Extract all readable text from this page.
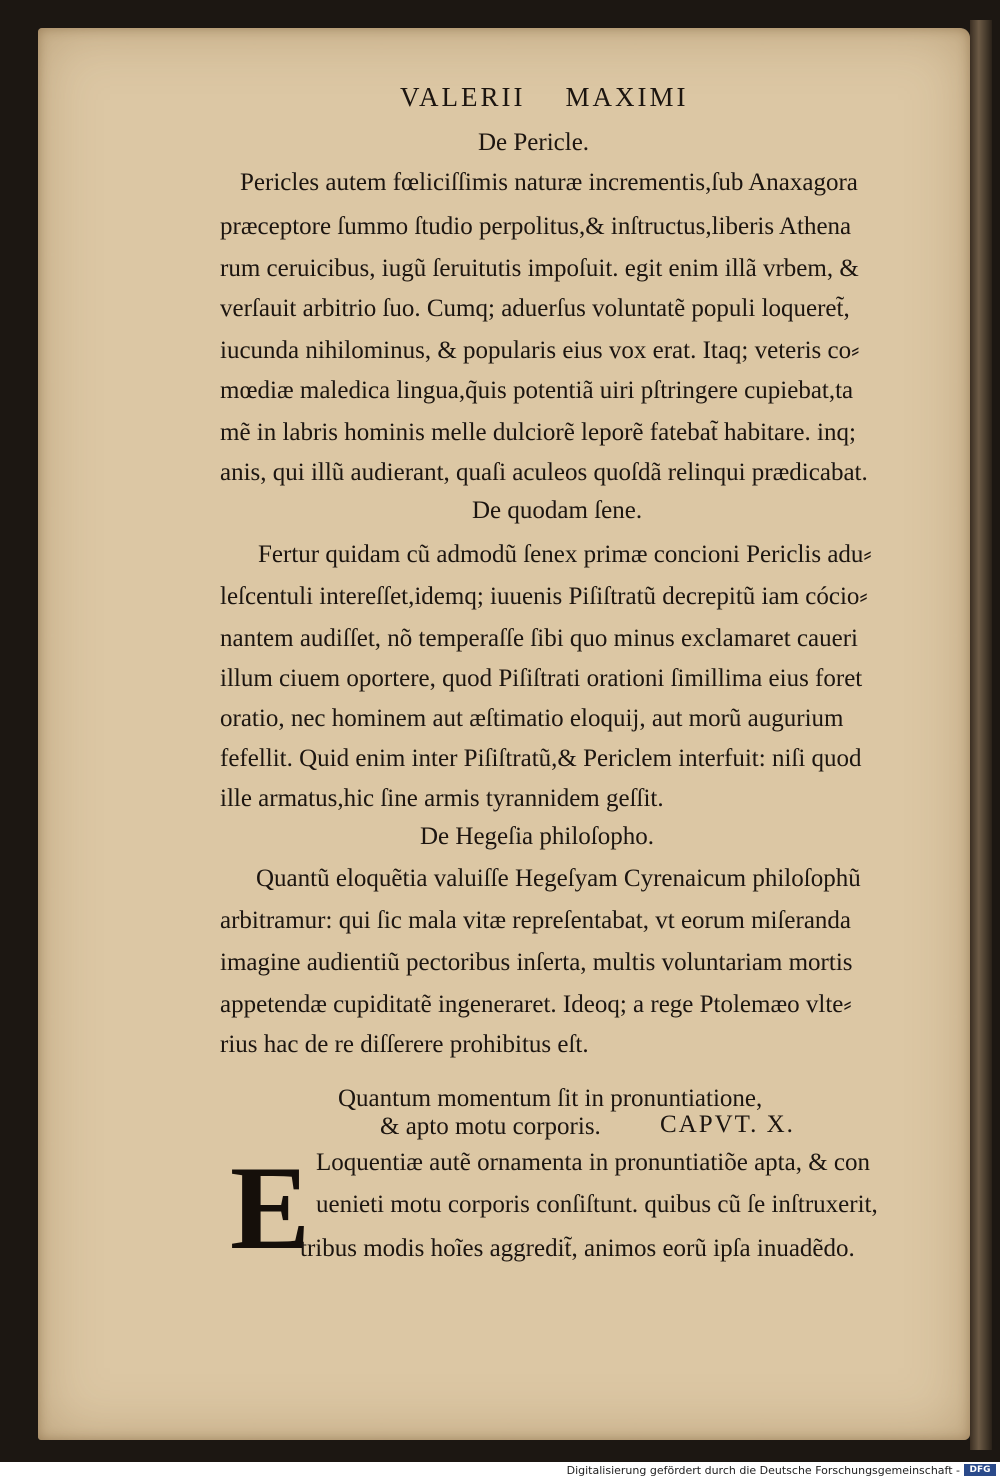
VALERII MAXIMI
De Pericle.
Pericles autem fœliciſſimis naturæ incrementis,ſub Anaxagora
præceptore ſummo ſtudio perpolitus,& inſtructus,liberis Athena
rum ceruicibus, iugũ ſeruitutis impoſuit. egit enim illã vrbem, &
verſauit arbitrio ſuo. Cumq; aduerſus voluntatẽ populi loqueret̃,
iucunda nihilominus, & popularis eius vox erat. Itaq; veteris co⸗
mœdiæ maledica lingua,q̃uis potentiã uiri pſtringere cupiebat,ta
mẽ in labris hominis melle dulciorẽ leporẽ fatebat̃ habitare. inq;
anis, qui illũ audierant, quaſi aculeos quoſdã relinqui prædicabat.
De quodam ſene.
Fertur quidam cũ admodũ ſenex primæ concioni Periclis adu⸗
leſcentuli intereſſet,idemq; iuuenis Piſiſtratũ decrepitũ iam cócio⸗
nantem audiſſet, nõ temperaſſe ſibi quo minus exclamaret caueri
illum ciuem oportere, quod Piſiſtrati orationi ſimillima eius foret
oratio, nec hominem aut æſtimatio eloquij, aut morũ augurium
fefellit. Quid enim inter Piſiſtratũ,& Periclem interfuit: niſi quod
ille armatus,hic ſine armis tyrannidem geſſit.
De Hegeſia philoſopho.
Quantũ eloquẽtia valuiſſe Hegeſyam Cyrenaicum philoſophũ
arbitramur: qui ſic mala vitæ repreſentabat, vt eorum miſeranda
imagine audientiũ pectoribus inſerta, multis voluntariam mortis
appetendæ cupiditatẽ ingeneraret. Ideoq; a rege Ptolemæo vlte⸗
rius hac de re diſſerere prohibitus eſt.
Quantum momentum ſit in pronuntiatione,
& apto motu corporis. CAPVT. X.
E Loquentiæ autẽ ornamenta in pronuntiatiõe apta, & con
uenieti motu corporis conſiſtunt. quibus cũ ſe inſtruxerit,
tribus modis hoĩes aggredit̃, animos eorũ ipſa inuadẽdo.
Digitalisierung gefördert durch die Deutsche Forschungsgemeinschaft -	DFG
